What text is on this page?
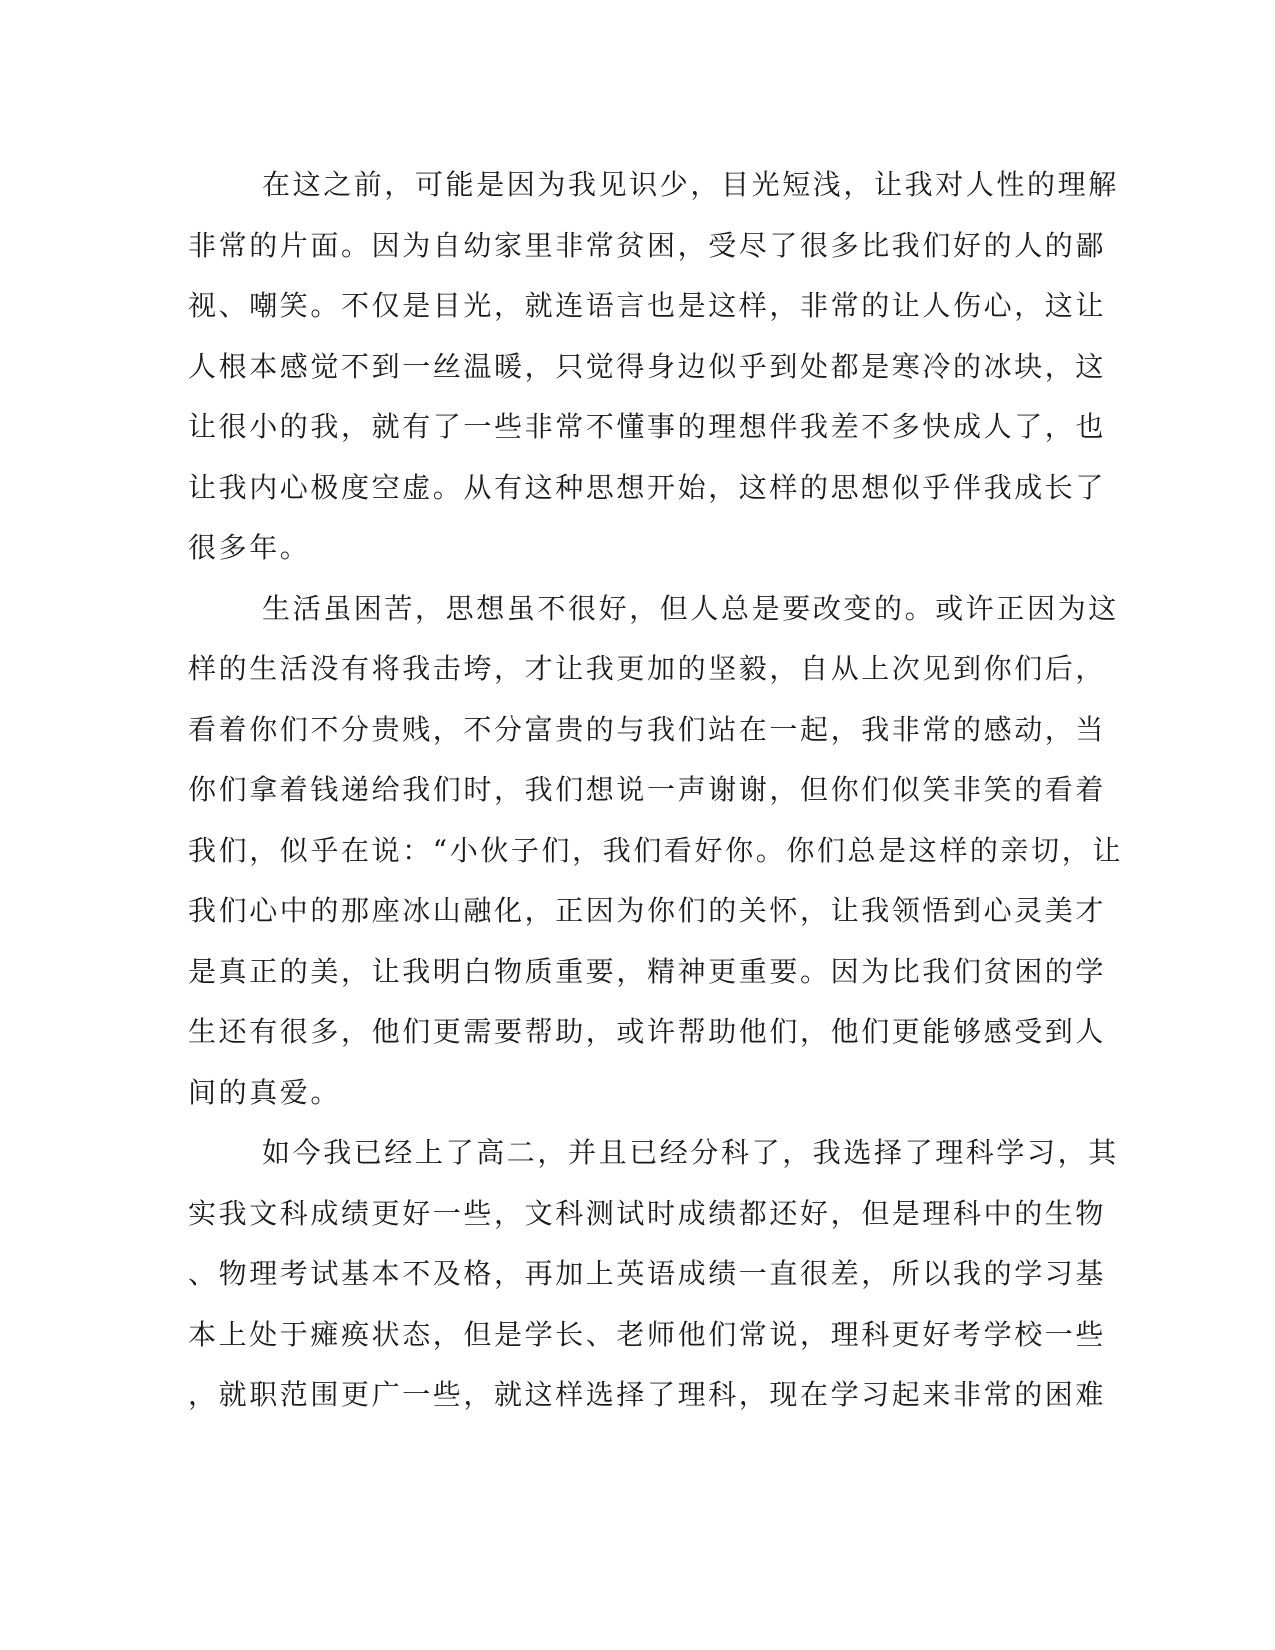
在这之前，可能是因为我见识少，目光短浅，让我对人性的理解
非常的片面。因为自幼家里非常贫困，受尽了很多比我们好的人的鄙
视、嘲笑。不仅是目光，就连语言也是这样，非常的让人伤心，这让
人根本感觉不到一丝温暖，只觉得身边似乎到处都是寒冷的冰块，这
让很小的我，就有了一些非常不懂事的理想伴我差不多快成人了，也
让我内心极度空虚。从有这种思想开始，这样的思想似乎伴我成长了
很多年。
生活虽困苦，思想虽不很好，但人总是要改变的。或许正因为这
样的生活没有将我击垮，才让我更加的坚毅，自从上次见到你们后，
看着你们不分贵贱，不分富贵的与我们站在一起，我非常的感动，当
你们拿着钱递给我们时，我们想说一声谢谢，但你们似笑非笑的看着
我们，似乎在说：“小伙子们，我们看好你。你们总是这样的亲切，让
我们心中的那座冰山融化，正因为你们的关怀，让我领悟到心灵美才
是真正的美，让我明白物质重要，精神更重要。因为比我们贫困的学
生还有很多，他们更需要帮助，或许帮助他们，他们更能够感受到人
间的真爱。
如今我已经上了高二，并且已经分科了，我选择了理科学习，其
实我文科成绩更好一些，文科测试时成绩都还好，但是理科中的生物
、物理考试基本不及格，再加上英语成绩一直很差，所以我的学习基
本上处于瘫痪状态，但是学长、老师他们常说，理科更好考学校一些
，就职范围更广一些，就这样选择了理科，现在学习起来非常的困难
